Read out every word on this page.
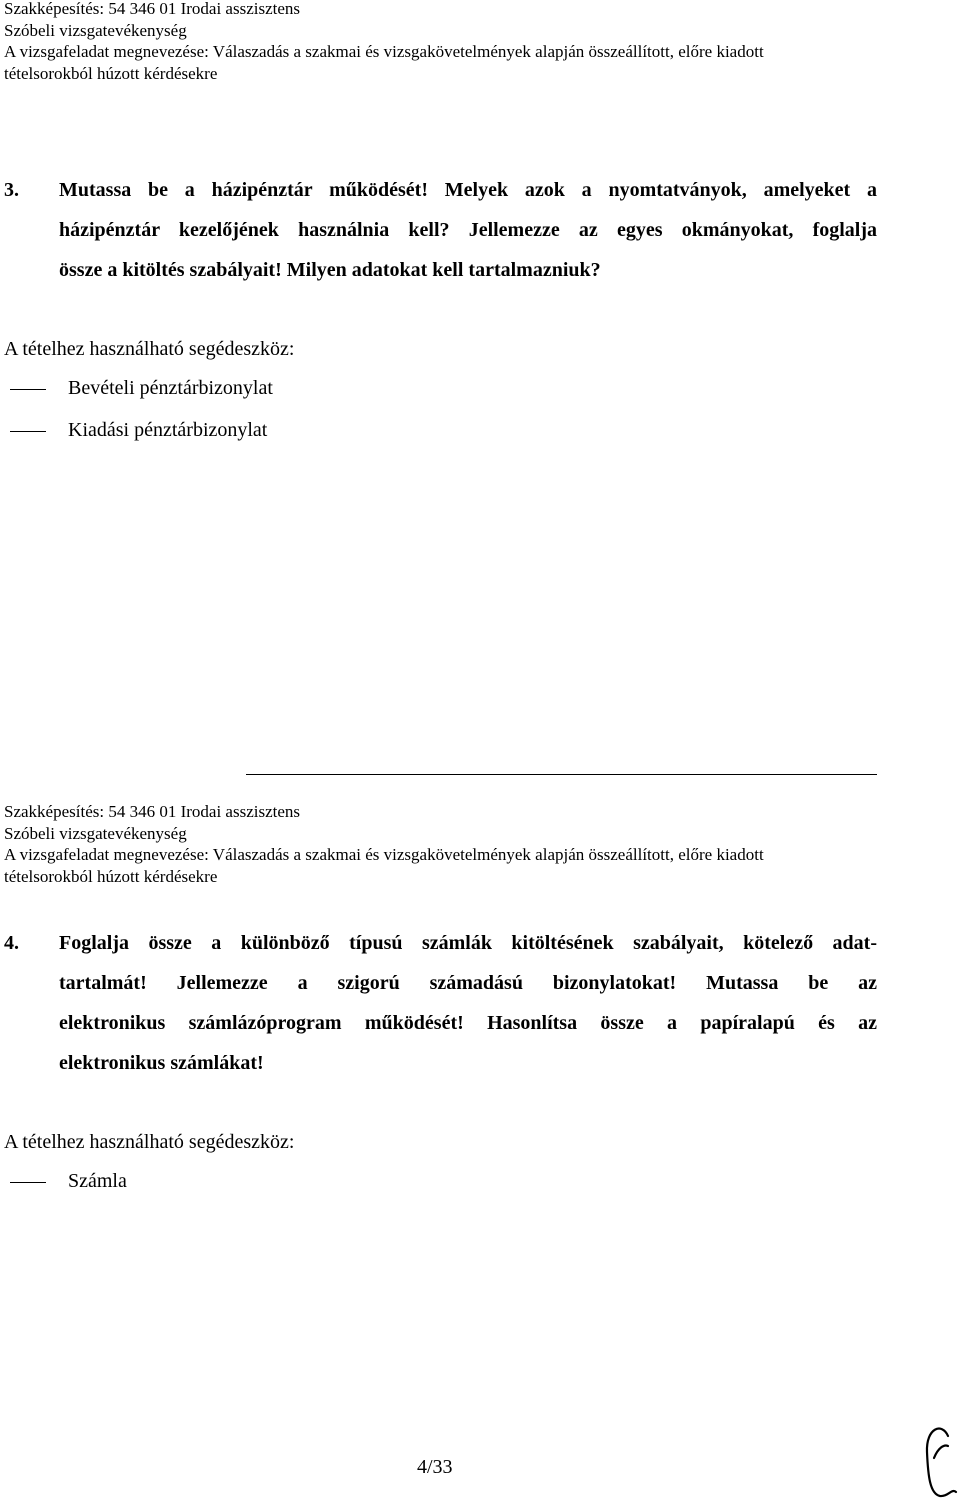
Szakképesítés: 54 346 01 Irodai asszisztens
Szóbeli vizsgatevékenység
A vizsgafeladat megnevezése: Válaszadás a szakmai és vizsgakövetelmények alapján összeállított, előre kiadott
tételsorokból húzott kérdésekre
3.	Mutassa be a házipénztár működését! Melyek azok a nyomtatványok, amelyeket a
házipénztár kezelőjének használnia kell? Jellemezze az egyes okmányokat, foglalja
össze a kitöltés szabályait! Milyen adatokat kell tartalmazniuk?
A tételhez használható segédeszköz:
Bevételi pénztárbizonylat
Kiadási pénztárbizonylat
Szakképesítés: 54 346 01 Irodai asszisztens
Szóbeli vizsgatevékenység
A vizsgafeladat megnevezése: Válaszadás a szakmai és vizsgakövetelmények alapján összeállított, előre kiadott
tételsorokból húzott kérdésekre
4.	Foglalja össze a különböző típusú számlák kitöltésének szabályait, kötelező adat-
tartalmát! Jellemezze a szigorú számadású bizonylatokat! Mutassa be az
elektronikus számlázóprogram működését! Hasonlítsa össze a papíralapú és az
elektronikus számlákat!
A tételhez használható segédeszköz:
Számla
4/33
